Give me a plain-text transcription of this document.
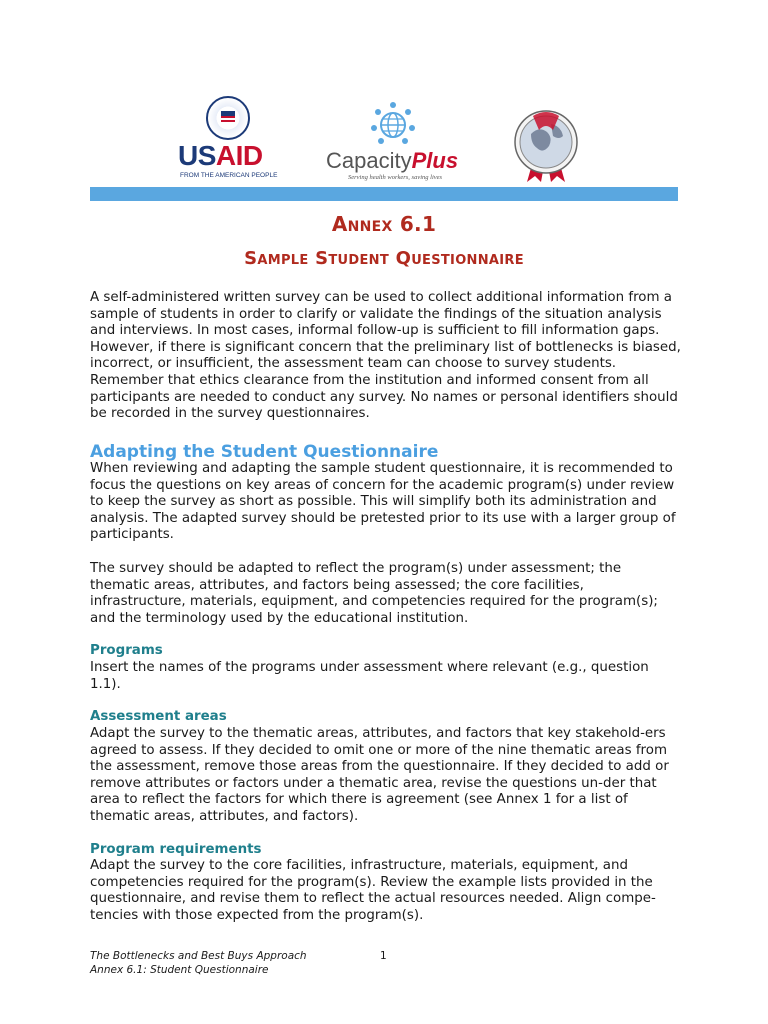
USAID
FROM THE AMERICAN PEOPLE
CapacityPlus
Serving health workers, saving lives
Annex 6.1
Sample Student Questionnaire

A self-administered written survey can be used to collect additional information from a sample of students in order to clarify or validate the findings of the situation analysis and interviews. In most cases, informal follow-up is sufficient to fill information gaps. However, if there is significant concern that the preliminary list of bottlenecks is biased, incorrect, or insufficient, the assessment team can choose to survey students. Remember that ethics clearance from the institution and informed consent from all participants are needed to conduct any survey. No names or personal identifiers should be recorded in the survey questionnaires.

Adapting the Student Questionnaire

When reviewing and adapting the sample student questionnaire, it is recommended to focus the questions on key areas of concern for the academic program(s) under review to keep the survey as short as possible. This will simplify both its administration and analysis. The adapted survey should be pretested prior to its use with a larger group of participants.

The survey should be adapted to reflect the program(s) under assessment; the thematic areas, attributes, and factors being assessed; the core facilities, infrastructure, materials, equipment, and competencies required for the program(s); and the terminology used by the educational institution.

Programs

Insert the names of the programs under assessment where relevant (e.g., question 1.1).

Assessment areas

Adapt the survey to the thematic areas, attributes, and factors that key stakehold-ers agreed to assess. If they decided to omit one or more of the nine thematic areas from the assessment, remove those areas from the questionnaire. If they decided to add or remove attributes or factors under a thematic area, revise the questions un-der that area to reflect the factors for which there is agreement (see Annex 1 for a list of thematic areas, attributes, and factors).

Program requirements

Adapt the survey to the core facilities, infrastructure, materials, equipment, and competencies required for the program(s). Review the example lists provided in the questionnaire, and revise them to reflect the actual resources needed. Align compe-tencies with those expected from the program(s).

The Bottlenecks and Best Buys Approach
Annex 6.1: Student Questionnaire
1
